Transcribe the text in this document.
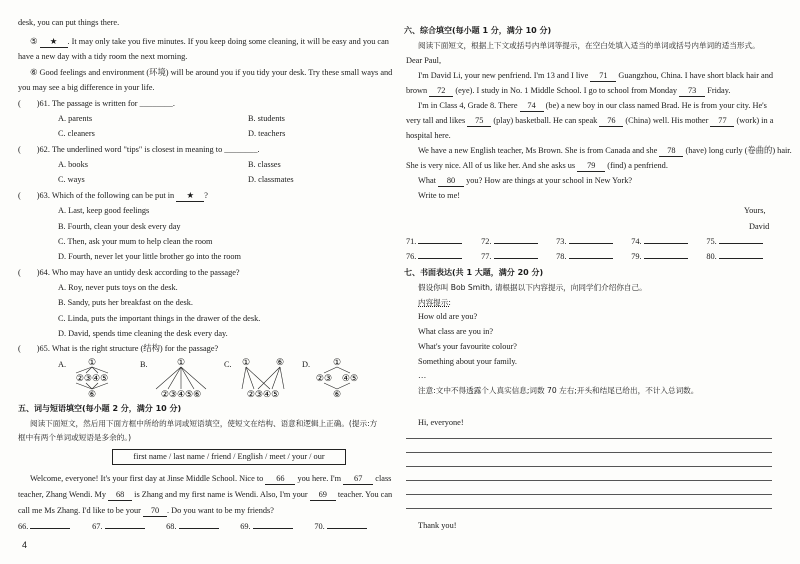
desk, you can put things there.
⑤ ★ . It may only take you five minutes. If you keep doing some cleaning, it will be easy and you can
have a new day with a tidy room the next morning.
⑥ Good feelings and environment (环境) will be around you if you tidy your desk. Try these small ways and
you may see a big difference in your life.
( )61. The passage is written for ________.
A. parents	B. students
C. cleaners	D. teachers
( )62. The underlined word "tips" is closest in meaning to ________.
A. books	B. classes
C. ways	D. classmates
( )63. Which of the following can be put in ★ ?
A. Last, keep good feelings
B. Fourth, clean your desk every day
C. Then, ask your mum to help clean the room
D. Fourth, never let your little brother go into the room
( )64. Who may have an untidy desk according to the passage?
A. Roy, never puts toys on the desk.
B. Sandy, puts her breakfast on the desk.
C. Linda, puts the important things in the drawer of the desk.
D. David, spends time cleaning the desk every day.
( )65. What is the right structure (结构) for the passage?
A. ①
②③④⑤
⑥
B.	①
②③④⑤⑥
C. ①	⑥
②③④⑤
D.	①
②③ ④⑤
⑥
五、词与短语填空(每小题 2 分，满分 10 分)
阅读下面短文，然后用下面方框中所给的单词或短语填空，使短文在结构、语意和逻辑上正确。(提示:方
框中有两个单词或短语是多余的。)
first name / last name / friend / English / meet / your / our
Welcome, everyone! It's your first day at Jinse Middle School. Nice to 66 you here. I'm 67 class
teacher, Zhang Wendi. My 68 is Zhang and my first name is Wendi. Also, I'm your 69 teacher. You can
call me Ms Zhang. I'd like to be your 70 . Do you want to be my friends?
66.	67.	68.	69.	70.
4
六、综合填空(每小题 1 分，满分 10 分)
阅读下面短文，根据上下文或括号内单词等提示，在空白处填入适当的单词或括号内单词的适当形式。
Dear Paul,
I'm David Li, your new penfriend. I'm 13 and I live 71 Guangzhou, China. I have short black hair and
brown 72 (eye). I study in No. 1 Middle School. I go to school from Monday 73 Friday.
I'm in Class 4, Grade 8. There 74 (be) a new boy in our class named Brad. He is from your city. He's
very tall and likes 75 (play) basketball. He can speak 76 (China) well. His mother 77 (work) in a
hospital here.
We have a new English teacher, Ms Brown. She is from Canada and she 78 (have) long curly (卷曲的) hair.
She is very nice. All of us like her. And she asks us 79 (find) a penfriend.
What 80 you? How are things at your school in New York?
Write to me!
Yours,
David
71.	72.	73.	74.	75.
76.	77.	78.	79.	80.
七、书面表达(共 1 大题，满分 20 分)
假设你叫 Bob Smith, 请根据以下内容提示，向同学们介绍你自己。
内容提示:
How old are you?
What class are you in?
What's your favourite colour?
Something about your family.
…
注意:文中不得透露个人真实信息;词数 70 左右;开头和结尾已给出，不计入总词数。
Hi, everyone!
Thank you!
